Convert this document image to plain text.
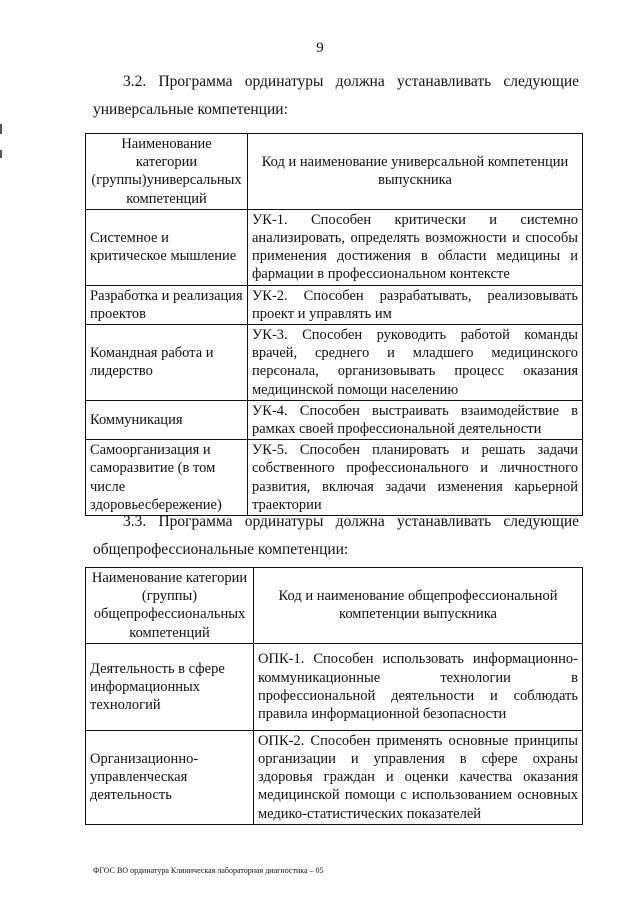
9
3.2. Программа ординатуры должна устанавливать следующие
универсальные компетенции:
Наименование категории (группы)универсальных компетенций	Код и наименование универсальной компетенции выпускника
Системное и критическое мышление	УК-1. Способен критически и системно анализировать, определять возможности и способы применения достижения в области медицины и фармации в профессиональном контексте
Разработка и реализация проектов	УК-2. Способен разрабатывать, реализовывать проект и управлять им
Командная работа и лидерство	УК-3. Способен руководить работой команды врачей, среднего и младшего медицинского персонала, организовывать процесс оказания медицинской помощи населению
Коммуникация	УК-4. Способен выстраивать взаимодействие в рамках своей профессиональной деятельности
Самоорганизация и саморазвитие (в том числе здоровьесбережение)	УК-5. Способен планировать и решать задачи собственного профессионального и личностного развития, включая задачи изменения карьерной траектории
3.3. Программа ординатуры должна устанавливать следующие
общепрофессиональные компетенции:
Наименование категории (группы) общепрофессиональных компетенций	Код и наименование общепрофессиональной компетенции выпускника
Деятельность в сфере информационных технологий	ОПК-1. Способен использовать информационно-коммуникационные технологии в профессиональной деятельности и соблюдать правила информационной безопасности
Организационно-управленческая деятельность	ОПК-2. Способен применять основные принципы организации и управления в сфере охраны здоровья граждан и оценки качества оказания медицинской помощи с использованием основных медико-статистических показателей
ФГОС ВО ординатура Клиническая лабораторная диагностика – 05
